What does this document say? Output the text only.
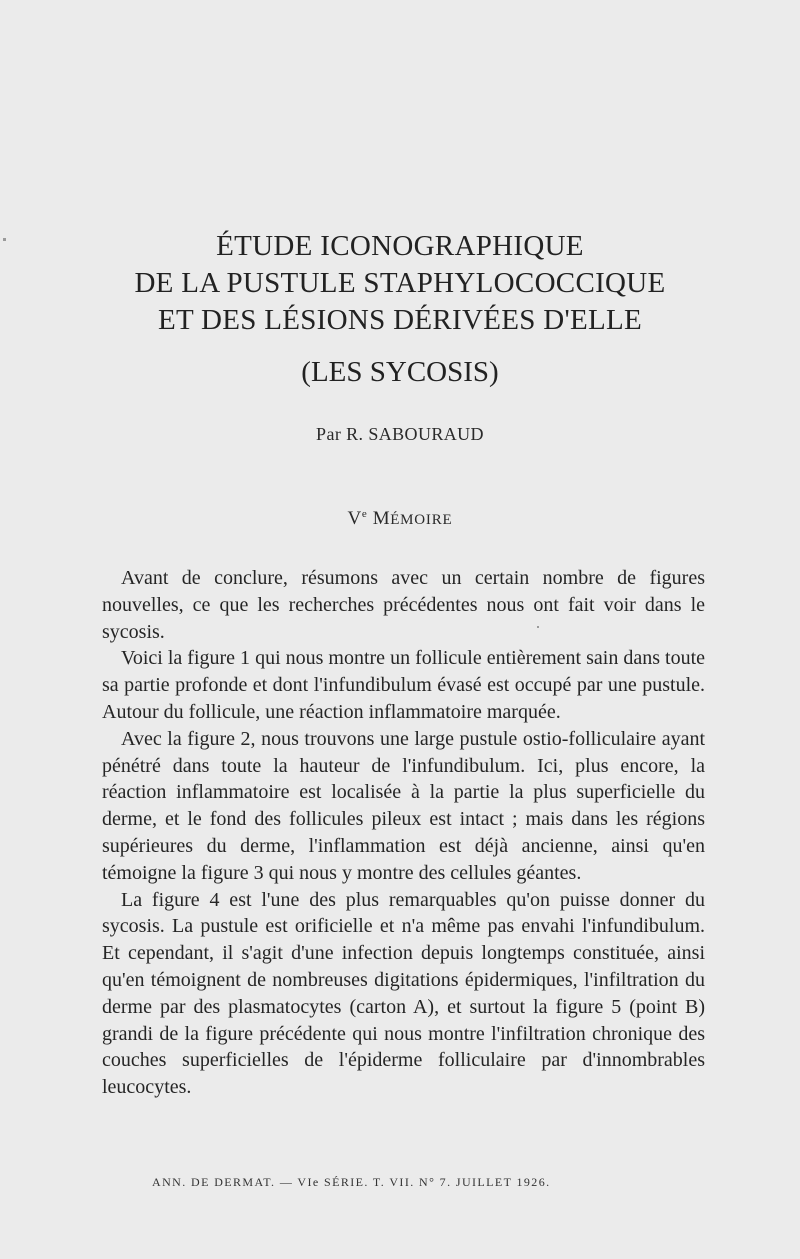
ÉTUDE ICONOGRAPHIQUE
DE LA PUSTULE STAPHYLOCOCCIQUE
ET DES LÉSIONS DÉRIVÉES D'ELLE
(LES SYCOSIS)
Par R. SABOURAUD
Ve MÉMOIRE

Avant de conclure, résumons avec un certain nombre de figures nouvelles, ce que les recherches précédentes nous ont fait voir dans le sycosis.

Voici la figure 1 qui nous montre un follicule entièrement sain dans toute sa partie profonde et dont l'infundibulum évasé est occupé par une pustule. Autour du follicule, une réaction inflammatoire marquée.

Avec la figure 2, nous trouvons une large pustule ostio-folliculaire ayant pénétré dans toute la hauteur de l'infundibulum. Ici, plus encore, la réaction inflammatoire est localisée à la partie la plus superficielle du derme, et le fond des follicules pileux est intact ; mais dans les régions supérieures du derme, l'inflammation est déjà ancienne, ainsi qu'en témoigne la figure 3 qui nous y montre des cellules géantes.

La figure 4 est l'une des plus remarquables qu'on puisse donner du sycosis. La pustule est orificielle et n'a même pas envahi l'infundibulum. Et cependant, il s'agit d'une infection depuis longtemps constituée, ainsi qu'en témoignent de nombreuses digitations épidermiques, l'infiltration du derme par des plasmatocytes (carton A), et surtout la figure 5 (point B) grandi de la figure précédente qui nous montre l'infiltration chronique des couches superficielles de l'épiderme folliculaire par d'innombrables leucocytes.

ANN. DE DERMAT. — VIe SÉRIE. T. VII. N° 7. JUILLET 1926.
